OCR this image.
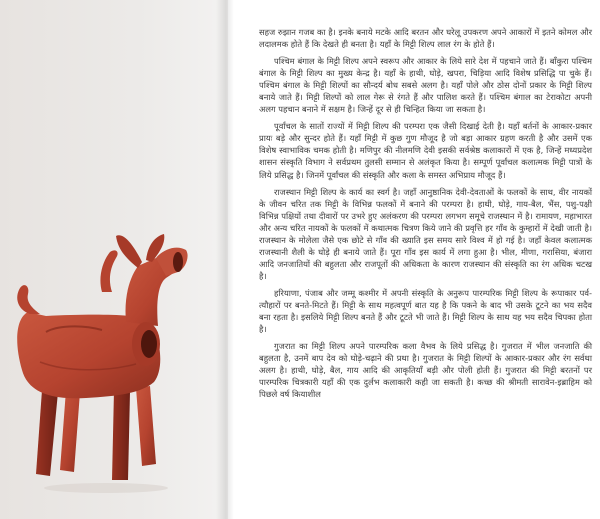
सहज रुझान गजब का है। इनके बनाये मटके आदि बरतन और घरेलू उपकरण अपने आकारों में इतने कोमल और लदालमक होते हैं कि देखते ही बनता है। यहाँ के मिट्टी शिल्प लाल रंग के होते हैं।

पश्चिम बंगाल के मिट्टी शिल्प अपने स्वरूप और आकार के लिये सारे देश में पहचाने जाते हैं। बाँकुरा पश्चिम बंगाल के मिट्टी शिल्प का मुख्य केन्द्र है। यहाँ के हाथी, घोड़े, खपरा, चिड़िया आदि विशेष प्रसिद्धि पा चुके हैं। पश्चिम बंगाल के मिट्टी शिल्पों का सौन्दर्य बोध सबसे अलग है। यहाँ पोले और ठोस दोनों प्रकार के मिट्टी शिल्प बनाये जाते हैं। मिट्टी शिल्पों को लाल गेरू से रंगते हैं और पालिश करते हैं। पश्चिम बंगाल का टेराकोटा अपनी अलग पहचान बनाने में सक्षम है। जिन्हें दूर से ही चिन्हित किया जा सकता है।

पूर्वांचल के सातों राज्यों में मिट्टी शिल्प की परम्परा एक जैसी दिखाई देती है। यहाँ बर्तनों के आकार-प्रकार प्रायः बड़े और सुन्दर होते हैं। यहाँ मिट्टी में कुछ गुण मौजूद है जो बड़ा आकार ग्रहण करती है और उसमें एक विशेष स्वाभाविक चमक होती है। मणिपुर की नीलमणि देवी इसकी सर्वश्रेष्ठ कलाकारों में एक है, जिन्हें मध्यप्रदेश शासन संस्कृति विभाग ने सर्वप्रथम तुलसी सम्मान से अलंकृत किया है। सम्पूर्ण पूर्वांचल कलात्मक मिट्टी पात्रों के लिये प्रसिद्ध है। जिनमें पूर्वांचल की संस्कृति और कला के समस्त अभिप्राय मौजूद हैं।

राजस्थान मिट्टी शिल्प के कार्य का स्वर्ग है। जहाँ आनुष्ठानिक देवी-देवताओं के फलकों के साथ, वीर नायकों के जीवन चरित तक मिट्टी के विभिन्न फलकों में बनाने की परम्परा है। हाथी, घोड़े, गाय-बैल, भैंस, पशु-पक्षी विभिन्न पक्षियों तथा दीवारों पर उभरे हुए अलंकरण की परम्परा लगभग समूचे राजस्थान में है। रामायण, महाभारत और अन्य चरित नायकों के फलकों में कथात्मक चित्रण किये जाने की प्रवृत्ति हर गाँव के कुम्हारों में देखी जाती है। राजस्थान के मोलेला जैसे एक छोटे से गाँव की ख्याति इस समय सारे विश्व में हो गई है। जहाँ केवल कलात्मक राजस्थानी शैली के घोड़े ही बनाये जाते हैं। पूरा गाँव इस कार्य में लगा हुआ है। भील, मीणा, गरासिया, बंजारा आदि जनजातियों की बहुलता और राजपूतों की अधिकता के कारण राजस्थान की संस्कृति का रंग अधिक चटख है।

हरियाणा, पंजाब और जम्मू कश्मीर में अपनी संस्कृति के अनुरूप पारम्परिक मिट्टी शिल्प के रूपाकार पर्व-त्यौहारों पर बनते-मिटते हैं। मिट्टी के साथ महत्वपूर्ण बात यह है कि पकने के बाद भी उसके टूटने का भय सदैव बना रहता है। इसलिये मिट्टी शिल्प बनते हैं और टूटते भी जाते हैं। मिट्टी शिल्प के साथ यह भय सदैव चिपका होता है।

गुजरात का मिट्टी शिल्प अपने पारम्परिक कला वैभव के लिये प्रसिद्ध है। गुजरात में भील जनजाति की बहुलता है, उनमें बाप देव को घोड़े-चढ़ाने की प्रथा है। गुजरात के मिट्टी शिल्पों के आकार-प्रकार और रंग सर्वथा अलग है। हाथी, घोड़े, बैल, गाय आदि की आकृतियाँ बड़ी और पोली होती हैं। गुजरात की मिट्टी बरतनों पर पारम्परिक चित्रकारी यहाँ की एक दुर्लभ कलाकारी कही जा सकती है। कच्छ की श्रीमती सारावेन-इब्राहिम को पिछले वर्ष कियाशील
